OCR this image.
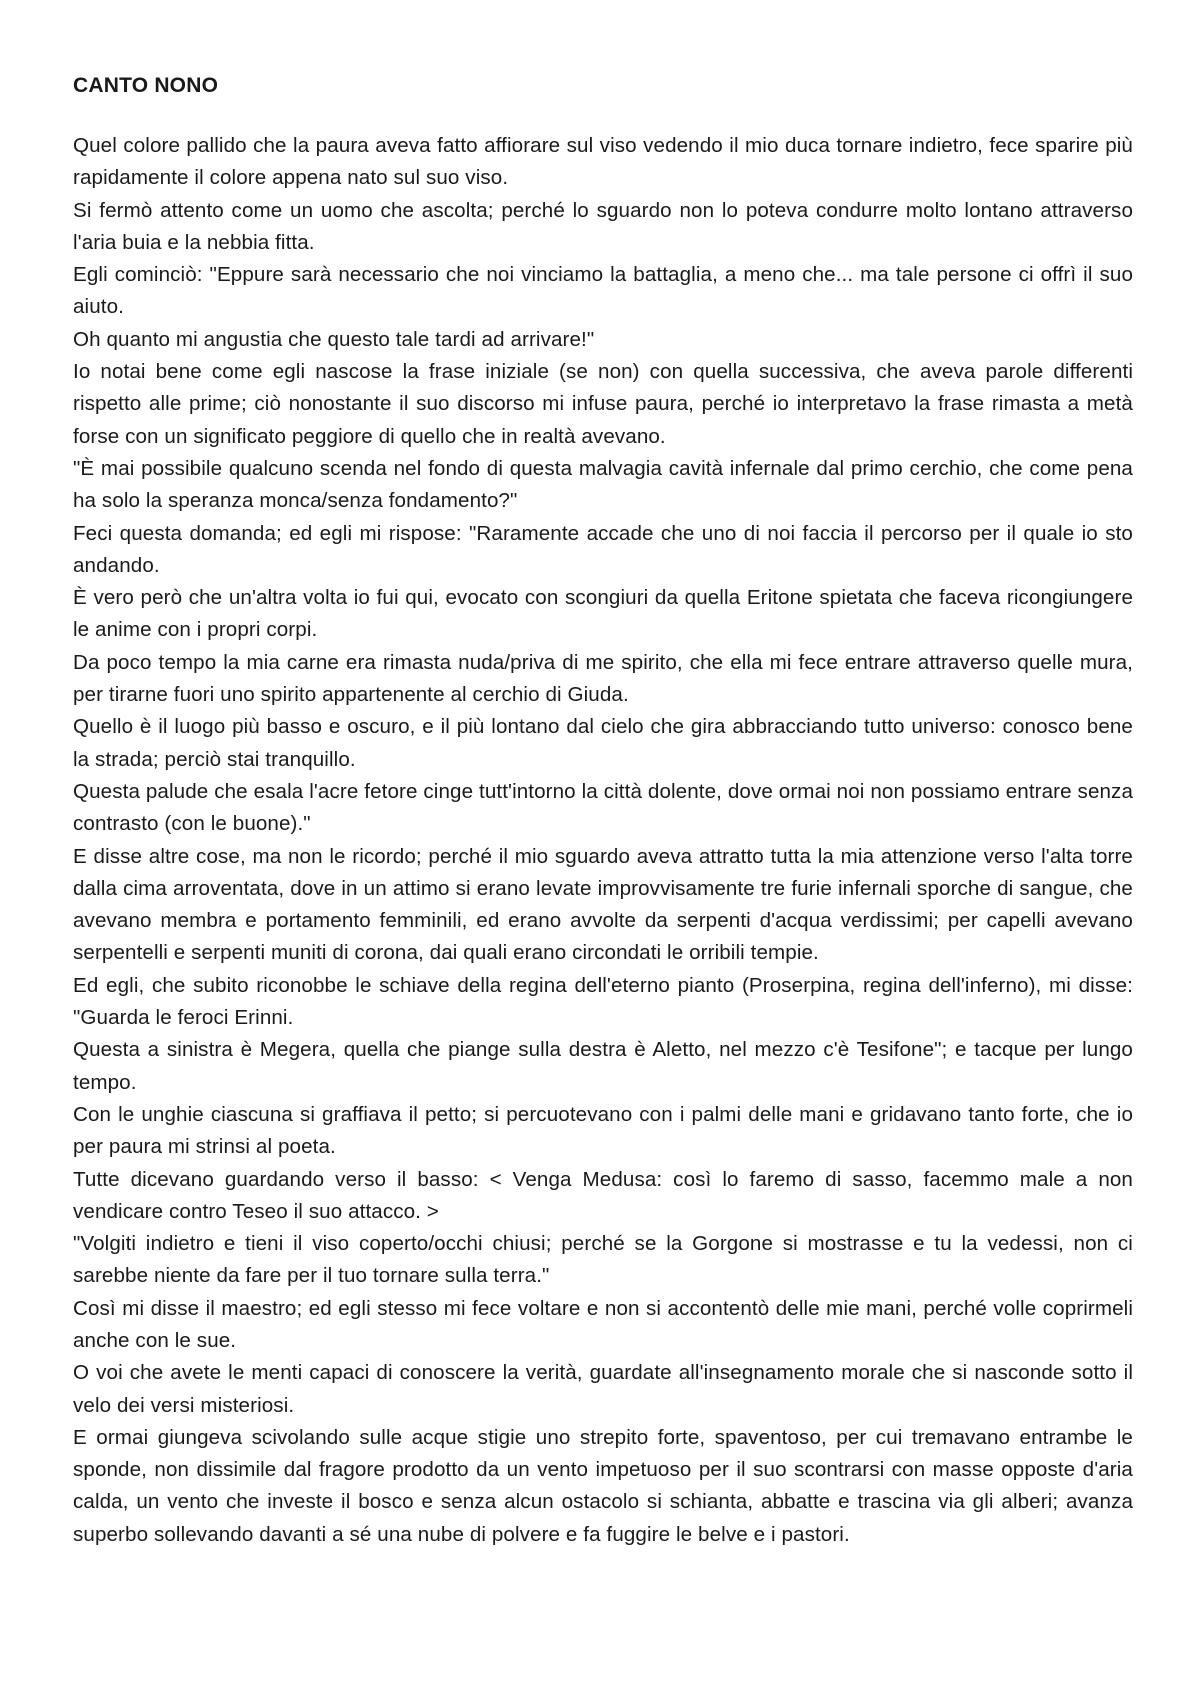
CANTO NONO

Quel colore pallido che la paura aveva fatto affiorare sul viso vedendo il mio duca tornare indietro, fece sparire più rapidamente il colore appena nato sul suo viso.

Si fermò attento come un uomo che ascolta; perché lo sguardo non lo poteva condurre molto lontano attraverso l'aria buia e la nebbia fitta.

Egli cominciò: "Eppure sarà necessario che noi vinciamo la battaglia, a meno che... ma tale persone ci offrì il suo aiuto.

Oh quanto mi angustia che questo tale tardi ad arrivare!"

Io notai bene come egli nascose la frase iniziale (se non) con quella successiva, che aveva parole differenti rispetto alle prime; ciò nonostante il suo discorso mi infuse paura, perché io interpretavo la frase rimasta a metà forse con un significato peggiore di quello che in realtà avevano.

"È mai possibile qualcuno scenda nel fondo di questa malvagia cavità infernale dal primo cerchio, che come pena ha solo la speranza monca/senza fondamento?"

Feci questa domanda; ed egli mi rispose: "Raramente accade che uno di noi faccia il percorso per il quale io sto andando.

È vero però che un'altra volta io fui qui, evocato con scongiuri da quella Eritone spietata che faceva ricongiungere le anime con i propri corpi.

Da poco tempo la mia carne era rimasta nuda/priva di me spirito, che ella mi fece entrare attraverso quelle mura, per tirarne fuori uno spirito appartenente al cerchio di Giuda.

Quello è il luogo più basso e oscuro, e il più lontano dal cielo che gira abbracciando tutto universo: conosco bene la strada; perciò stai tranquillo.

Questa palude che esala l'acre fetore cinge tutt'intorno la città dolente, dove ormai noi non possiamo entrare senza contrasto (con le buone)."

E disse altre cose, ma non le ricordo; perché il mio sguardo aveva attratto tutta la mia attenzione verso l'alta torre dalla cima arroventata, dove in un attimo si erano levate improvvisamente tre furie infernali sporche di sangue, che avevano membra e portamento femminili, ed erano avvolte da serpenti d'acqua verdissimi; per capelli avevano serpentelli e serpenti muniti di corona, dai quali erano circondati le orribili tempie.

Ed egli, che subito riconobbe le schiave della regina dell'eterno pianto (Proserpina, regina dell'inferno), mi disse: "Guarda le feroci Erinni.

Questa a sinistra è Megera, quella che piange sulla destra è Aletto, nel mezzo c'è Tesifone"; e tacque per lungo tempo.

Con le unghie ciascuna si graffiava il petto; si percuotevano con i palmi delle mani e gridavano tanto forte, che io per paura mi strinsi al poeta.

Tutte dicevano guardando verso il basso: < Venga Medusa: così lo faremo di sasso, facemmo male a non vendicare contro Teseo il suo attacco. >

"Volgiti indietro e tieni il viso coperto/occhi chiusi; perché se la Gorgone si mostrasse e tu la vedessi, non ci sarebbe niente da fare per il tuo tornare sulla terra."

Così mi disse il maestro; ed egli stesso mi fece voltare e non si accontentò delle mie mani, perché volle coprirmeli anche con le sue.

O voi che avete le menti capaci di conoscere la verità, guardate all'insegnamento morale che si nasconde sotto il velo dei versi misteriosi.

E ormai giungeva scivolando sulle acque stigie uno strepito forte, spaventoso, per cui tremavano entrambe le sponde, non dissimile dal fragore prodotto da un vento impetuoso per il suo scontrarsi con masse opposte d'aria calda, un vento che investe il bosco e senza alcun ostacolo si schianta, abbatte e trascina via gli alberi; avanza superbo sollevando davanti a sé una nube di polvere e fa fuggire le belve e i pastori.
